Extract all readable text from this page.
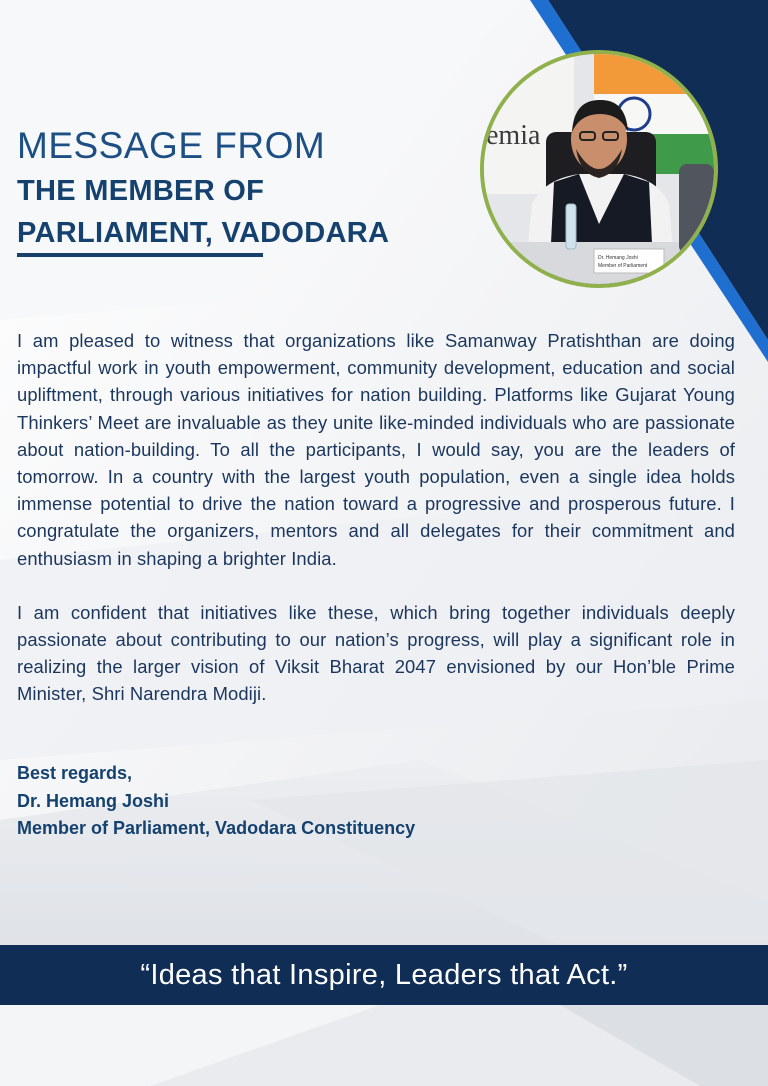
MESSAGE FROM
THE MEMBER OF PARLIAMENT, VADODARA
emia
Dr. Hemang Joshi
Member of Parliament

I am pleased to witness that organizations like Samanway Pratishthan are doing impactful work in youth empowerment, community development, education and social upliftment, through various initiatives for nation building. Platforms like Gujarat Young Thinkers’ Meet are invaluable as they unite like-minded individuals who are passionate about nation-building. To all the participants, I would say, you are the leaders of tomorrow. In a country with the largest youth population, even a single idea holds immense potential to drive the nation toward a progressive and prosperous future. I congratulate the organizers, mentors and all delegates for their commitment and enthusiasm in shaping a brighter India.

I am confident that initiatives like these, which bring together individuals deeply passionate about contributing to our nation’s progress, will play a significant role in realizing the larger vision of Viksit Bharat 2047 envisioned by our Hon’ble Prime Minister, Shri Narendra Modiji.

Best regards,
Dr. Hemang Joshi
Member of Parliament, Vadodara Constituency
“Ideas that Inspire, Leaders that Act.”
